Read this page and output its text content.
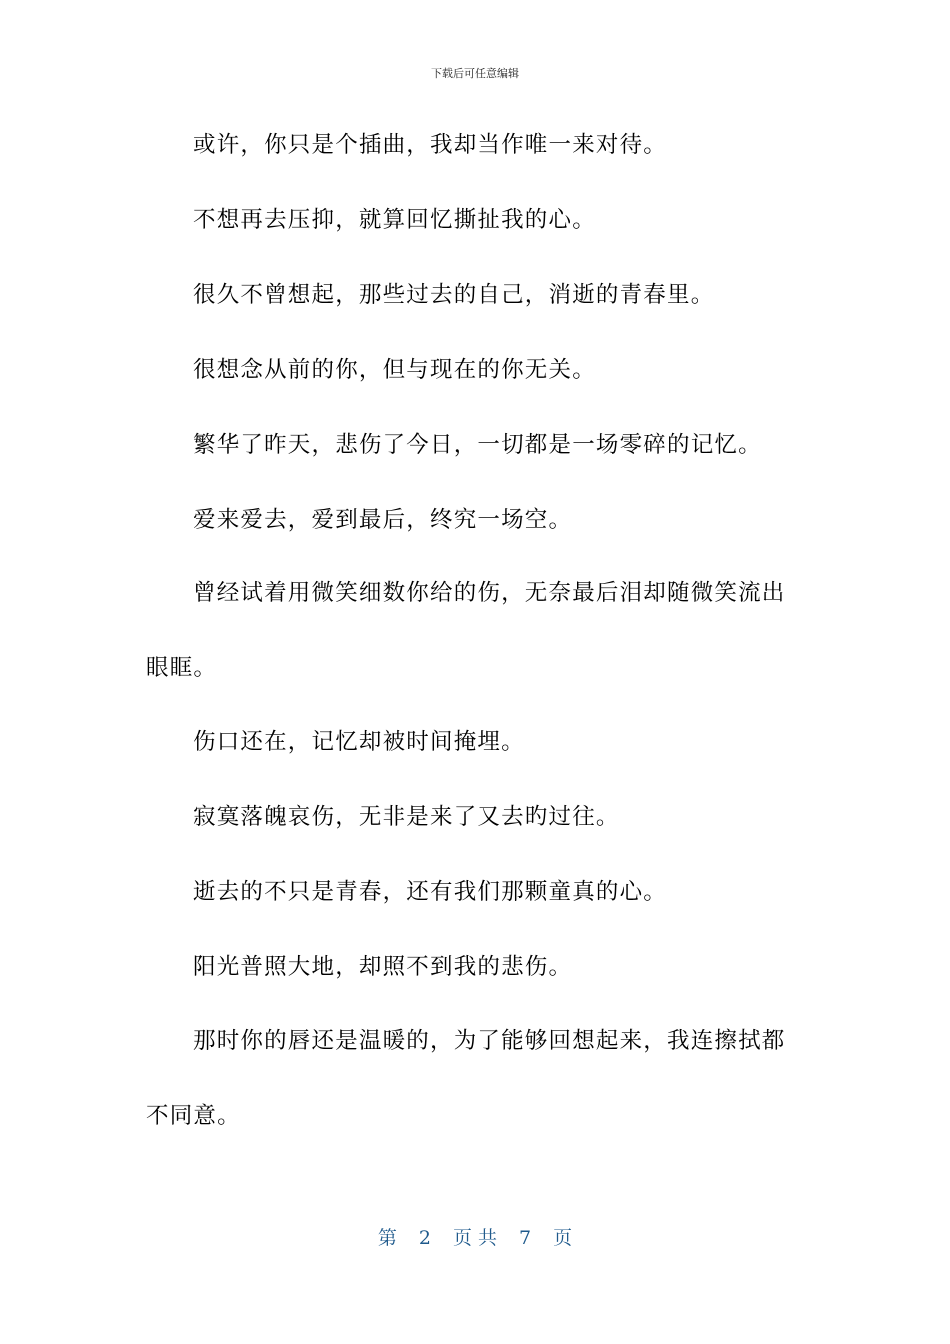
下载后可任意编辑

或许，你只是个插曲，我却当作唯一来对待。

不想再去压抑，就算回忆撕扯我的心。

很久不曾想起，那些过去的自己，消逝的青春里。

很想念从前的你，但与现在的你无关。

繁华了昨天，悲伤了今日，一切都是一场零碎的记忆。

爱来爱去，爱到最后，终究一场空。

曾经试着用微笑细数你给的伤，无奈最后泪却随微笑流出眼眶。

伤口还在，记忆却被时间掩埋。

寂寞落魄哀伤，无非是来了又去旳过往。

逝去的不只是青春，还有我们那颗童真的心。

阳光普照大地，却照不到我的悲伤。

那时你的唇还是温暖的，为了能够回想起来，我连擦拭都不同意。

第 2 页 共 7 页
